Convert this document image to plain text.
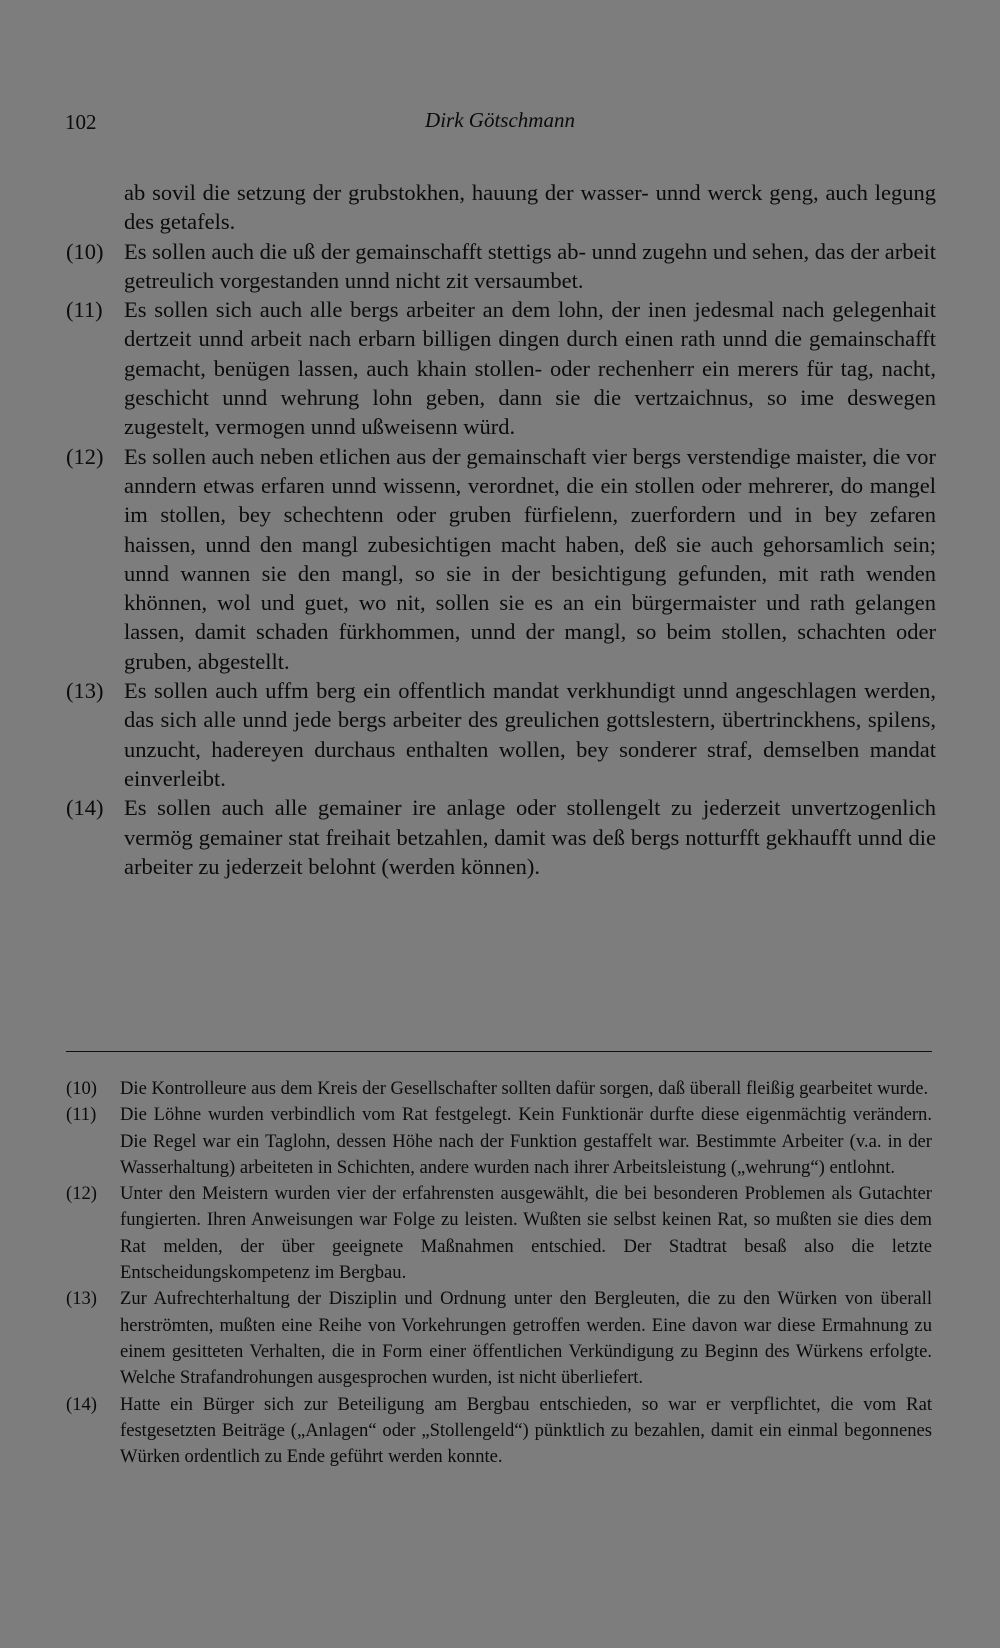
102	Dirk Götschmann
ab sovil die setzung der grubstokhen, hauung der wasser- unnd werck geng, auch legung des getafels.
(10) Es sollen auch die uß der gemainschafft stettigs ab- unnd zugehn und sehen, das der arbeit getreulich vorgestanden unnd nicht zit versaumbet.
(11) Es sollen sich auch alle bergs arbeiter an dem lohn, der inen jedesmal nach gelegenhait dertzeit unnd arbeit nach erbarn billigen dingen durch einen rath unnd die gemainschafft gemacht, benügen lassen, auch khain stollen- oder rechenherr ein merers für tag, nacht, geschicht unnd wehrung lohn geben, dann sie die vertzaichnus, so ime deswegen zugestelt, vermogen unnd ußweisenn würd.
(12) Es sollen auch neben etlichen aus der gemainschaft vier bergs verstendige maister, die vor anndern etwas erfaren unnd wissenn, verordnet, die ein stollen oder mehrerer, do mangel im stollen, bey schechtenn oder gruben fürfielenn, zuerfordern und in bey zefaren haissen, unnd den mangl zubesichtigen macht haben, deß sie auch gehorsamlich sein; unnd wannen sie den mangl, so sie in der besichtigung gefunden, mit rath wenden khönnen, wol und guet, wo nit, sollen sie es an ein bürgermaister und rath gelangen lassen, damit schaden fürkhommen, unnd der mangl, so beim stollen, schachten oder gruben, abgestellt.
(13) Es sollen auch uffm berg ein offentlich mandat verkhundigt unnd angeschlagen werden, das sich alle unnd jede bergs arbeiter des greulichen gottslestern, übertrinckhens, spilens, unzucht, hadereyen durchaus enthalten wollen, bey sonderer straf, demselben mandat einverleibt.
(14) Es sollen auch alle gemainer ire anlage oder stollengelt zu jederzeit unvertzogenlich vermög gemainer stat freihait betzahlen, damit was deß bergs notturfft gekhaufft unnd die arbeiter zu jederzeit belohnt (werden können).
(10)	Die Kontrolleure aus dem Kreis der Gesellschafter sollten dafür sorgen, daß überall fleißig gearbeitet wurde.
(11)	Die Löhne wurden verbindlich vom Rat festgelegt. Kein Funktionär durfte diese eigenmächtig verändern. Die Regel war ein Taglohn, dessen Höhe nach der Funktion gestaffelt war. Bestimmte Arbeiter (v.a. in der Wasserhaltung) arbeiteten in Schichten, andere wurden nach ihrer Arbeitsleistung („wehrung“) entlohnt.
(12)	Unter den Meistern wurden vier der erfahrensten ausgewählt, die bei besonderen Problemen als Gutachter fungierten. Ihren Anweisungen war Folge zu leisten. Wußten sie selbst keinen Rat, so mußten sie dies dem Rat melden, der über geeignete Maßnahmen entschied. Der Stadtrat besaß also die letzte Entscheidungskompetenz im Bergbau.
(13)	Zur Aufrechterhaltung der Disziplin und Ordnung unter den Bergleuten, die zu den Würken von überall herströmten, mußten eine Reihe von Vorkehrungen getroffen werden. Eine davon war diese Ermahnung zu einem gesitteten Verhalten, die in Form einer öffentlichen Verkündigung zu Beginn des Würkens erfolgte. Welche Strafandrohungen ausgesprochen wurden, ist nicht überliefert.
(14)	Hatte ein Bürger sich zur Beteiligung am Bergbau entschieden, so war er verpflichtet, die vom Rat festgesetzten Beiträge („Anlagen“ oder „Stollengeld“) pünktlich zu bezahlen, damit ein einmal begonnenes Würken ordentlich zu Ende geführt werden konnte.
